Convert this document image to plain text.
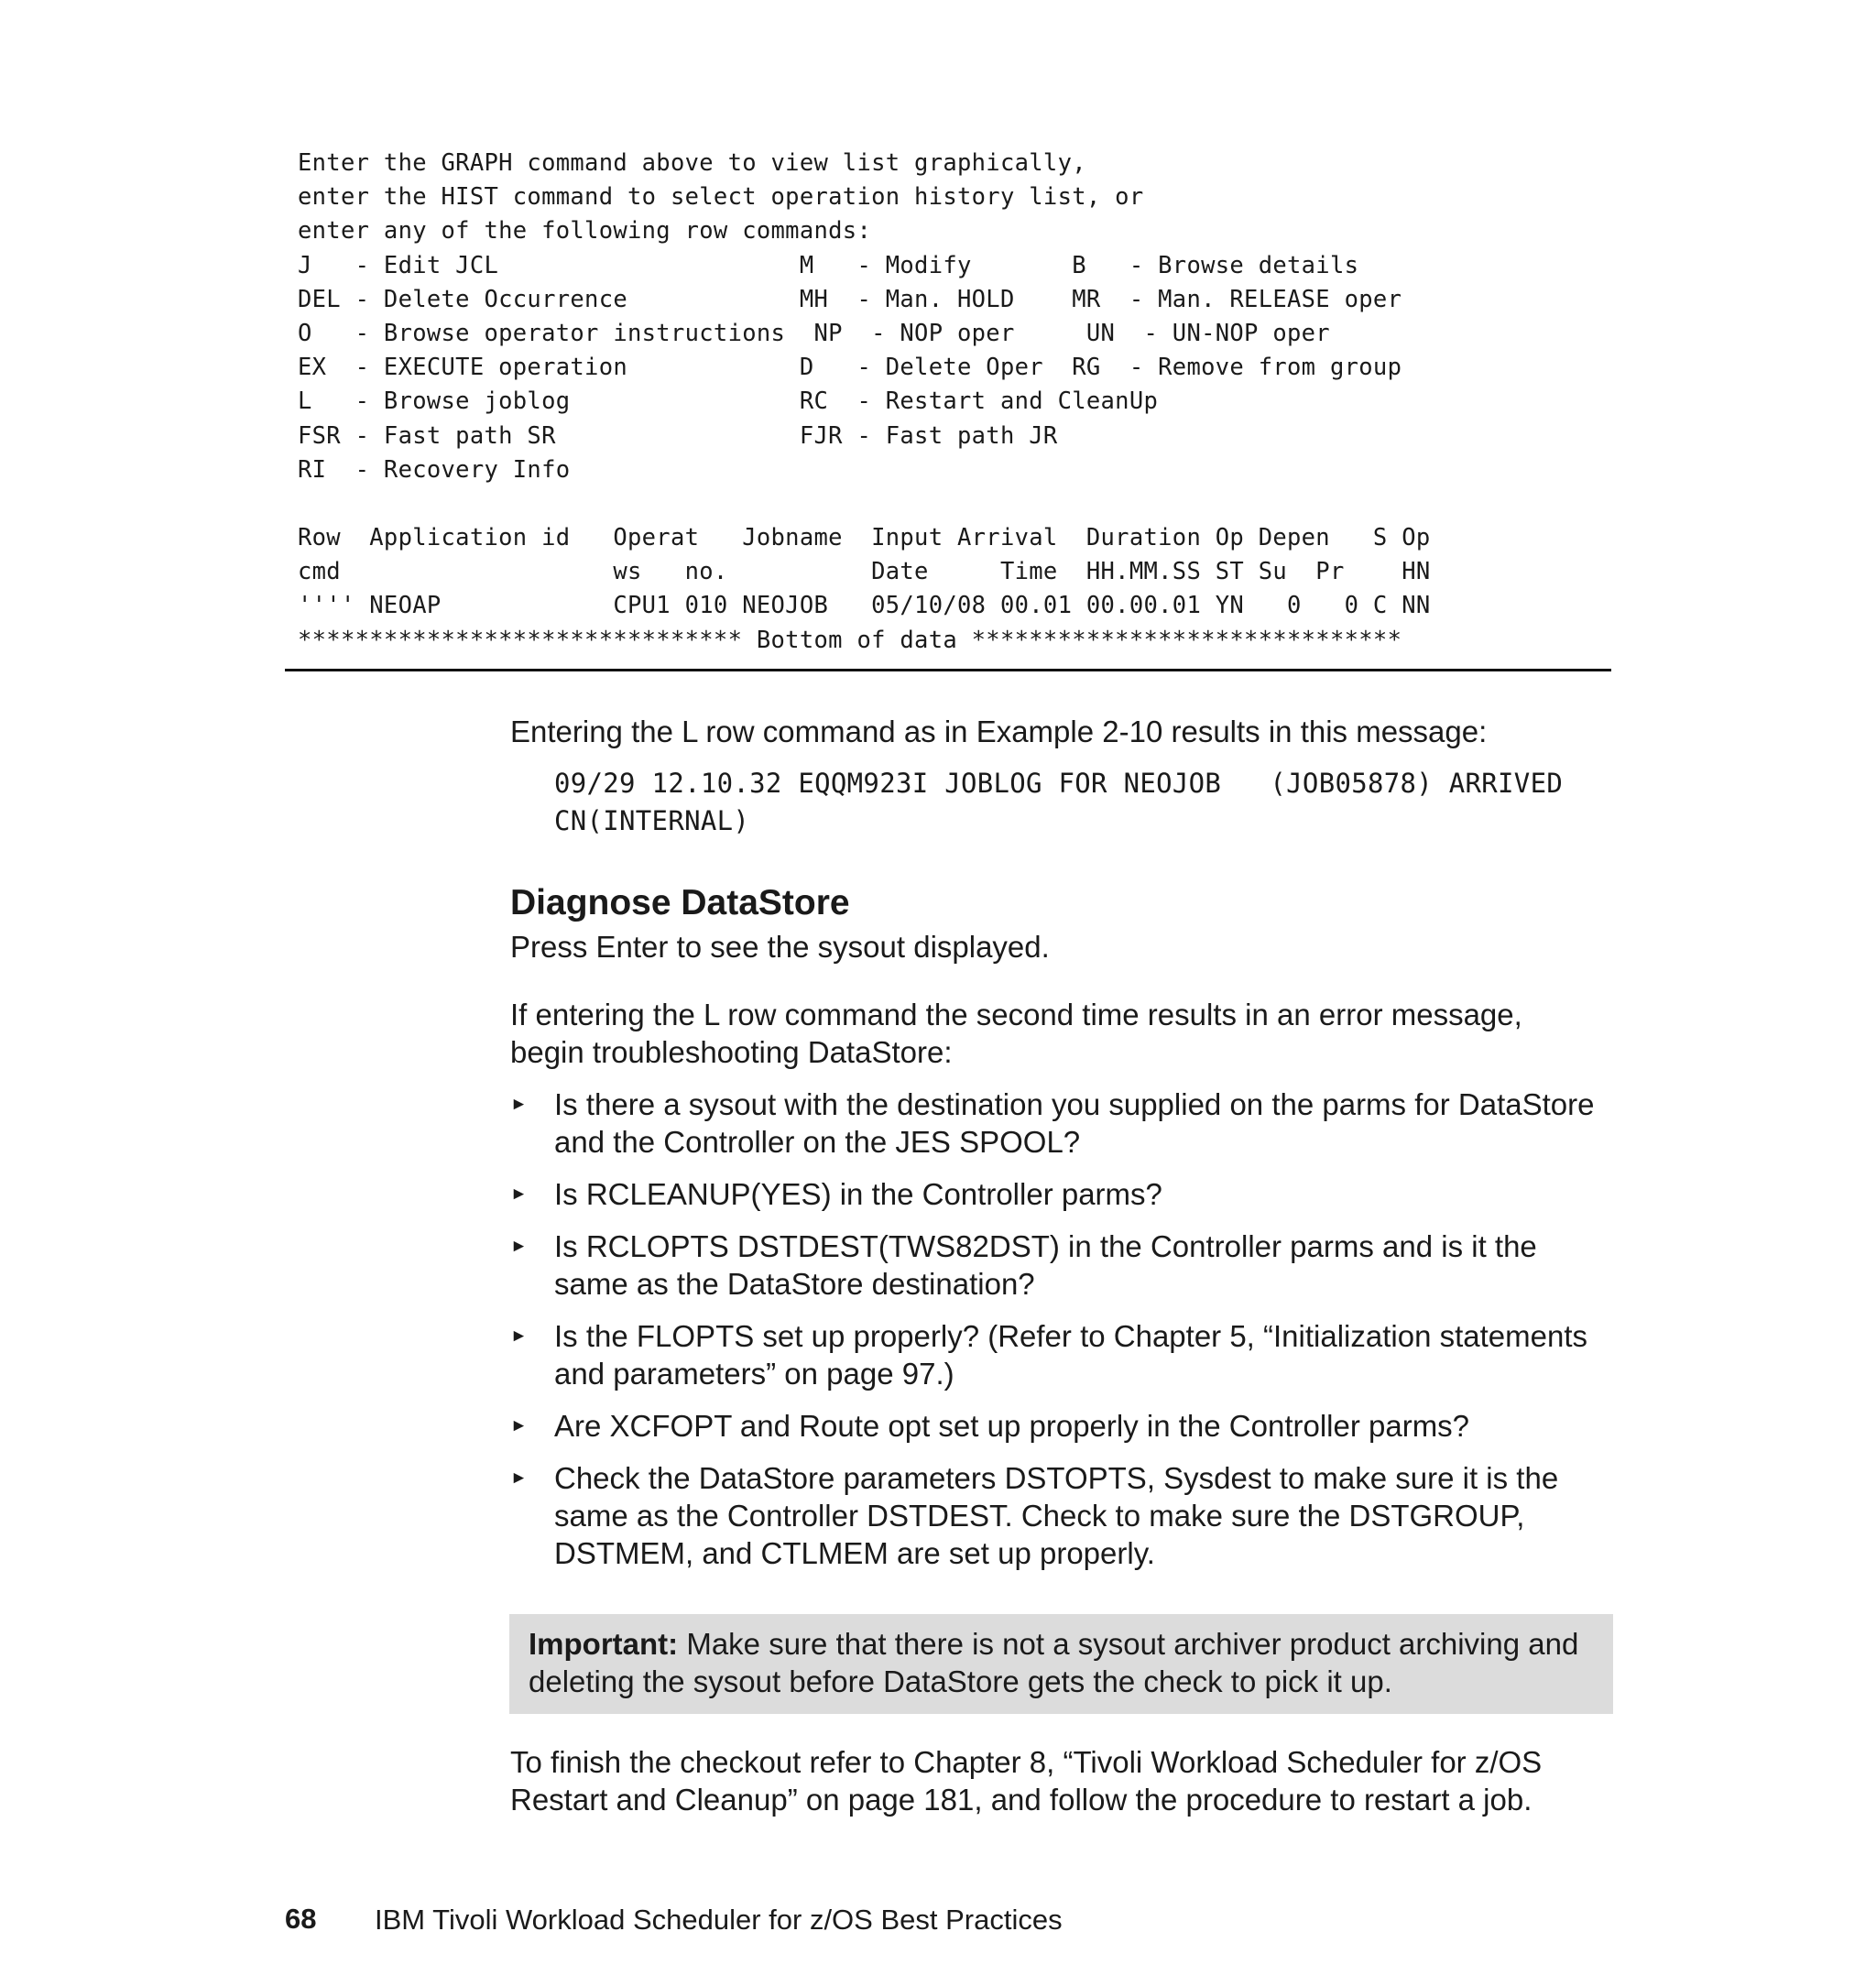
Enter the GRAPH command above to view list graphically,
enter the HIST command to select operation history list, or
enter any of the following row commands:
J   - Edit JCL                     M   - Modify       B   - Browse details
DEL - Delete Occurrence            MH  - Man. HOLD    MR  - Man. RELEASE oper
O   - Browse operator instructions  NP  - NOP oper     UN  - UN-NOP oper
EX  - EXECUTE operation            D   - Delete Oper  RG  - Remove from group
L   - Browse joblog                RC  - Restart and CleanUp
FSR - Fast path SR                 FJR - Fast path JR
RI  - Recovery Info
Row  Application id   Operat   Jobname  Input Arrival  Duration Op Depen   S Op
cmd                   ws   no.          Date     Time  HH.MM.SS ST Su  Pr    HN
'''' NEOAP            CPU1 010 NEOJOB   05/10/08 00.01 00.00.01 YN   0   0 C NN
******************************* Bottom of data ******************************

Entering the L row command as in Example 2-10 results in this message:

09/29 12.10.32 EQQM923I JOBLOG FOR NEOJOB   (JOB05878) ARRIVED
CN(INTERNAL)
Diagnose DataStore

Press Enter to see the sysout displayed.

If entering the L row command the second time results in an error message, begin troubleshooting DataStore:

► Is there a sysout with the destination you supplied on the parms for DataStore and the Controller on the JES SPOOL?
► Is RCLEANUP(YES) in the Controller parms?
► Is RCLOPTS DSTDEST(TWS82DST) in the Controller parms and is it the same as the DataStore destination?
► Is the FLOPTS set up properly? (Refer to Chapter 5, “Initialization statements and parameters” on page 97.)
► Are XCFOPT and Route opt set up properly in the Controller parms?
► Check the DataStore parameters DSTOPTS, Sysdest to make sure it is the same as the Controller DSTDEST. Check to make sure the DSTGROUP, DSTMEM, and CTLMEM are set up properly.
Important: Make sure that there is not a sysout archiver product archiving and deleting the sysout before DataStore gets the check to pick it up.

To finish the checkout refer to Chapter 8, “Tivoli Workload Scheduler for z/OS Restart and Cleanup” on page 181, and follow the procedure to restart a job.

68 IBM Tivoli Workload Scheduler for z/OS Best Practices
